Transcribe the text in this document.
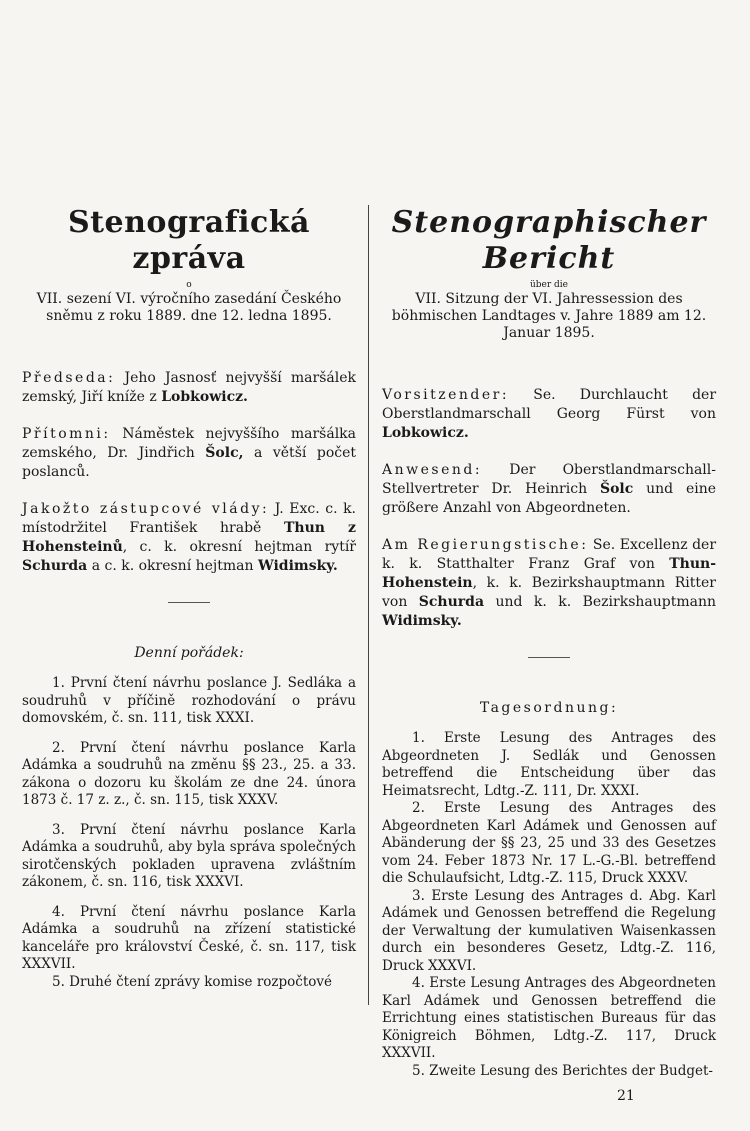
Stenografická zpráva

o

VII. sezení VI. výročního zasedání Českého sněmu z roku 1889. dne 12. ledna 1895.

Předseda: Jeho Jasnosť nejvyšší maršálek zemský, Jiří kníže z Lobkowicz.

Přítomni: Náměstek nejvyššího maršálka zemského, Dr. Jindřich Šolc, a větší počet poslanců.

Jakožto zástupcové vlády: J. Exc. c. k. místodržitel František hrabě Thun z Hohensteinů, c. k. okresní hejtman rytíř Schurda a c. k. okresní hejtman Widimsky.

Denní pořádek:

1. První čtení návrhu poslance J. Sedláka a soudruhů v příčině rozhodování o právu domovském, č. sn. 111, tisk XXXI.

2. První čtení návrhu poslance Karla Adámka a soudruhů na změnu §§ 23., 25. a 33. zákona o dozoru ku školám ze dne 24. února 1873 č. 17 z. z., č. sn. 115, tisk XXXV.

3. První čtení návrhu poslance Karla Adámka a soudruhů, aby byla správa společných sirotčenských pokladen upravena zvláštním zákonem, č. sn. 116, tisk XXXVI.

4. První čtení návrhu poslance Karla Adámka a soudruhů na zřízení statistické kanceláře pro království České, č. sn. 117, tisk XXXVII.

5. Druhé čtení zprávy komise rozpočtové

Stenographischer Bericht

über die

VII. Sitzung der VI. Jahressession des böhmischen Landtages v. Jahre 1889 am 12. Januar 1895.

Vorsitzender: Se. Durchlaucht der Oberstlandmarschall Georg Fürst von Lobkowicz.

Anwesend: Der Oberstlandmarschall-Stellvertreter Dr. Heinrich Šolc und eine größere Anzahl von Abgeordneten.

Am Regierungstische: Se. Excellenz der k. k. Statthalter Franz Graf von Thun-Hohenstein, k. k. Bezirkshauptmann Ritter von Schurda und k. k. Bezirkshauptmann Widimsky.

Tagesordnung:

1. Erste Lesung des Antrages des Abgeordneten J. Sedlák und Genossen betreffend die Entscheidung über das Heimatsrecht, Ldtg.-Z. 111, Dr. XXXI.

2. Erste Lesung des Antrages des Abgeordneten Karl Adámek und Genossen auf Abänderung der §§ 23, 25 und 33 des Gesetzes vom 24. Feber 1873 Nr. 17 L.-G.-Bl. betreffend die Schulaufsicht, Ldtg.-Z. 115, Druck XXXV.

3. Erste Lesung des Antrages d. Abg. Karl Adámek und Genossen betreffend die Regelung der Verwaltung der kumulativen Waisenkassen durch ein besonderes Gesetz, Ldtg.-Z. 116, Druck XXXVI.

4. Erste Lesung Antrages des Abgeordneten Karl Adámek und Genossen betreffend die Errichtung eines statistischen Bureaus für das Königreich Böhmen, Ldtg.-Z. 117, Druck XXXVII.

5. Zweite Lesung des Berichtes der Budget-

21
